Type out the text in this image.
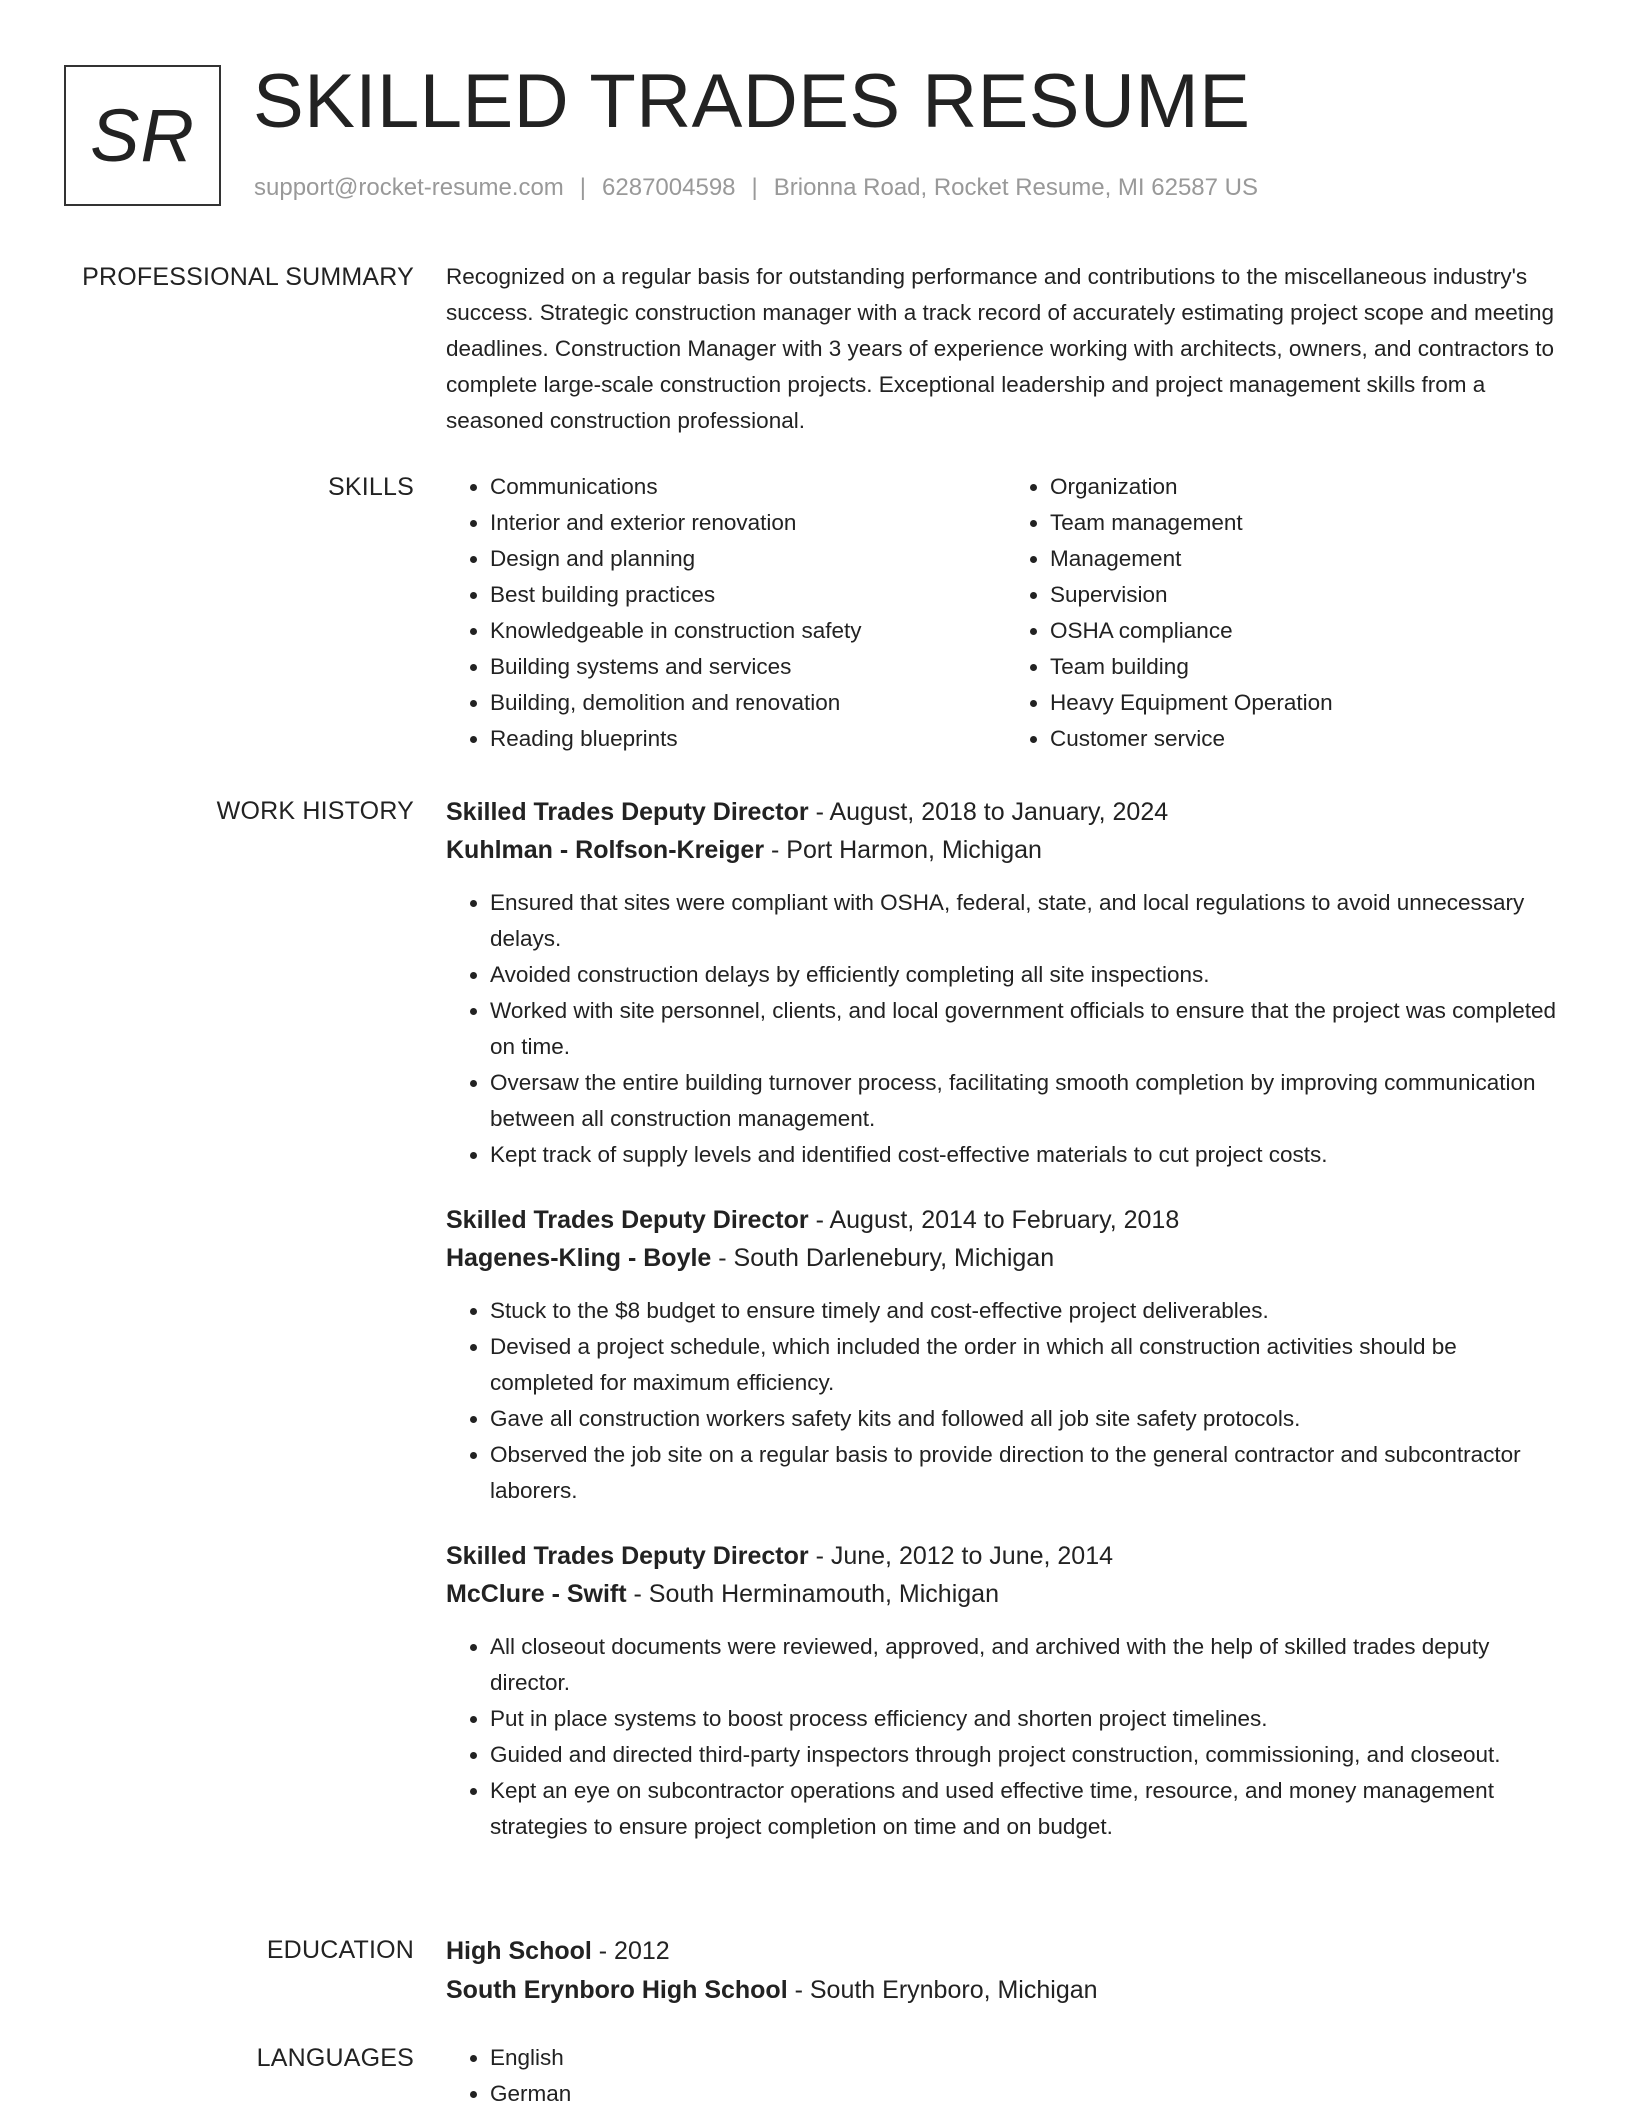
SR SKILLED TRADES RESUME
support@rocket-resume.com | 6287004598 | Brionna Road, Rocket Resume, MI 62587 US
PROFESSIONAL SUMMARY Recognized on a regular basis for outstanding performance and contributions to the miscellaneous industry's success. Strategic construction manager with a track record of accurately estimating project scope and meeting deadlines. Construction Manager with 3 years of experience working with architects, owners, and contractors to complete large-scale construction projects. Exceptional leadership and project management skills from a seasoned construction professional.

SKILLS	• Communications
• Interior and exterior renovation
• Design and planning
• Best building practices
• Knowledgeable in construction safety
• Building systems and services
• Building, demolition and renovation
• Reading blueprints
• Organization
• Team management
• Management
• Supervision
• OSHA compliance
• Team building
• Heavy Equipment Operation
• Customer service
WORK HISTORY Skilled Trades Deputy Director - August, 2018 to January, 2024
Kuhlman - Rolfson-Kreiger - Port Harmon, Michigan
• Ensured that sites were compliant with OSHA, federal, state, and local regulations to avoid unnecessary delays.
• Avoided construction delays by efficiently completing all site inspections.
• Worked with site personnel, clients, and local government officials to ensure that the project was completed on time.
• Oversaw the entire building turnover process, facilitating smooth completion by improving communication between all construction management.
• Kept track of supply levels and identified cost-effective materials to cut project costs.
Skilled Trades Deputy Director - August, 2014 to February, 2018
Hagenes-Kling - Boyle - South Darlenebury, Michigan
• Stuck to the $8 budget to ensure timely and cost-effective project deliverables.
• Devised a project schedule, which included the order in which all construction activities should be completed for maximum efficiency.
• Gave all construction workers safety kits and followed all job site safety protocols.
• Observed the job site on a regular basis to provide direction to the general contractor and subcontractor laborers.
Skilled Trades Deputy Director - June, 2012 to June, 2014
McClure - Swift - South Herminamouth, Michigan
• All closeout documents were reviewed, approved, and archived with the help of skilled trades deputy director.
• Put in place systems to boost process efficiency and shorten project timelines.
• Guided and directed third-party inspectors through project construction, commissioning, and closeout.
• Kept an eye on subcontractor operations and used effective time, resource, and money management strategies to ensure project completion on time and on budget.
EDUCATION High School - 2012
South Erynboro High School - South Erynboro, Michigan
LANGUAGES	• English
• German
